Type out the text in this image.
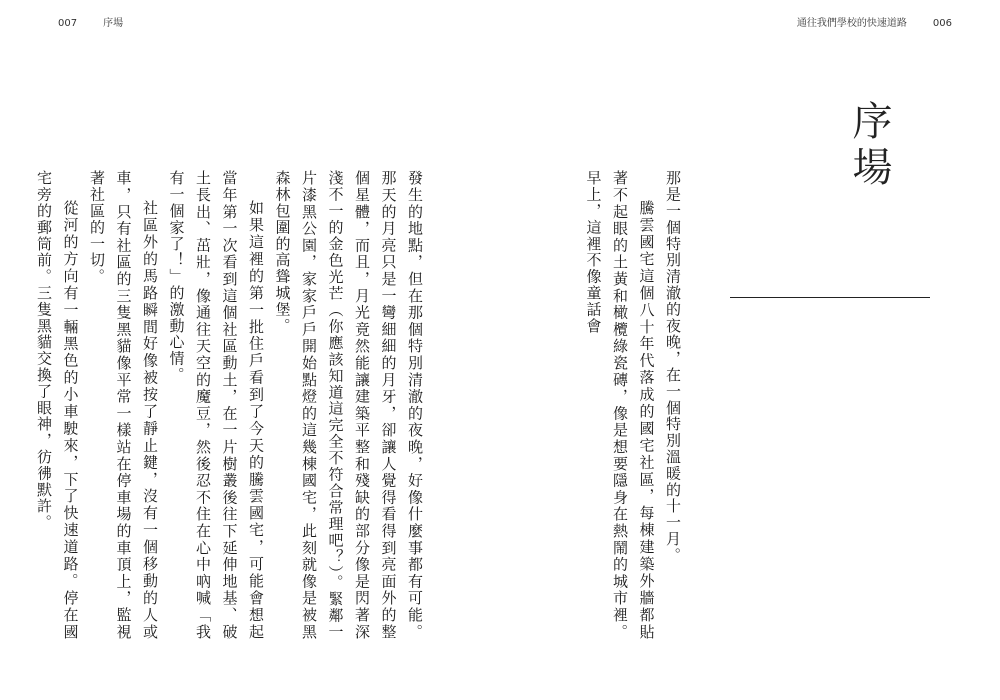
007	序場	通往我們學校的快速道路	006
序場

那是一個特別清澈的夜晚，在一個特別溫暖的十一月。

騰雲國宅這個八十年代落成的國宅社區，每棟建築外牆都貼著不起眼的土黃和橄欖綠瓷磚，像是想要隱身在熱鬧的城市裡。早上，這裡不像童話會

發生的地點，但在那個特別清澈的夜晚，好像什麼事都有可能。那天的月亮只是一彎細細的月牙，卻讓人覺得看得到亮面外的整個星體，而且，月光竟然能讓建築平整和殘缺的部分像是閃著深淺不一的金色光芒（你應該知道這完全不符合常理吧？）。緊鄰一片漆黑公園，家家戶戶開始點燈的這幾棟國宅，此刻就像是被黑森林包圍的高聳城堡。

如果這裡的第一批住戶看到了今天的騰雲國宅，可能會想起當年第一次看到這個社區動土，在一片樹叢後往下延伸地基、破土長出、茁壯，像通往天空的魔豆，然後忍不住在心中吶喊「我有一個家了！」的激動心情。

社區外的馬路瞬間好像被按了靜止鍵，沒有一個移動的人或車，只有社區的三隻黑貓像平常一樣站在停車場的車頂上，監視著社區的一切。

從河的方向有一輛黑色的小車駛來，下了快速道路。停在國宅旁的郵筒前。三隻黑貓交換了眼神，彷彿默許。
